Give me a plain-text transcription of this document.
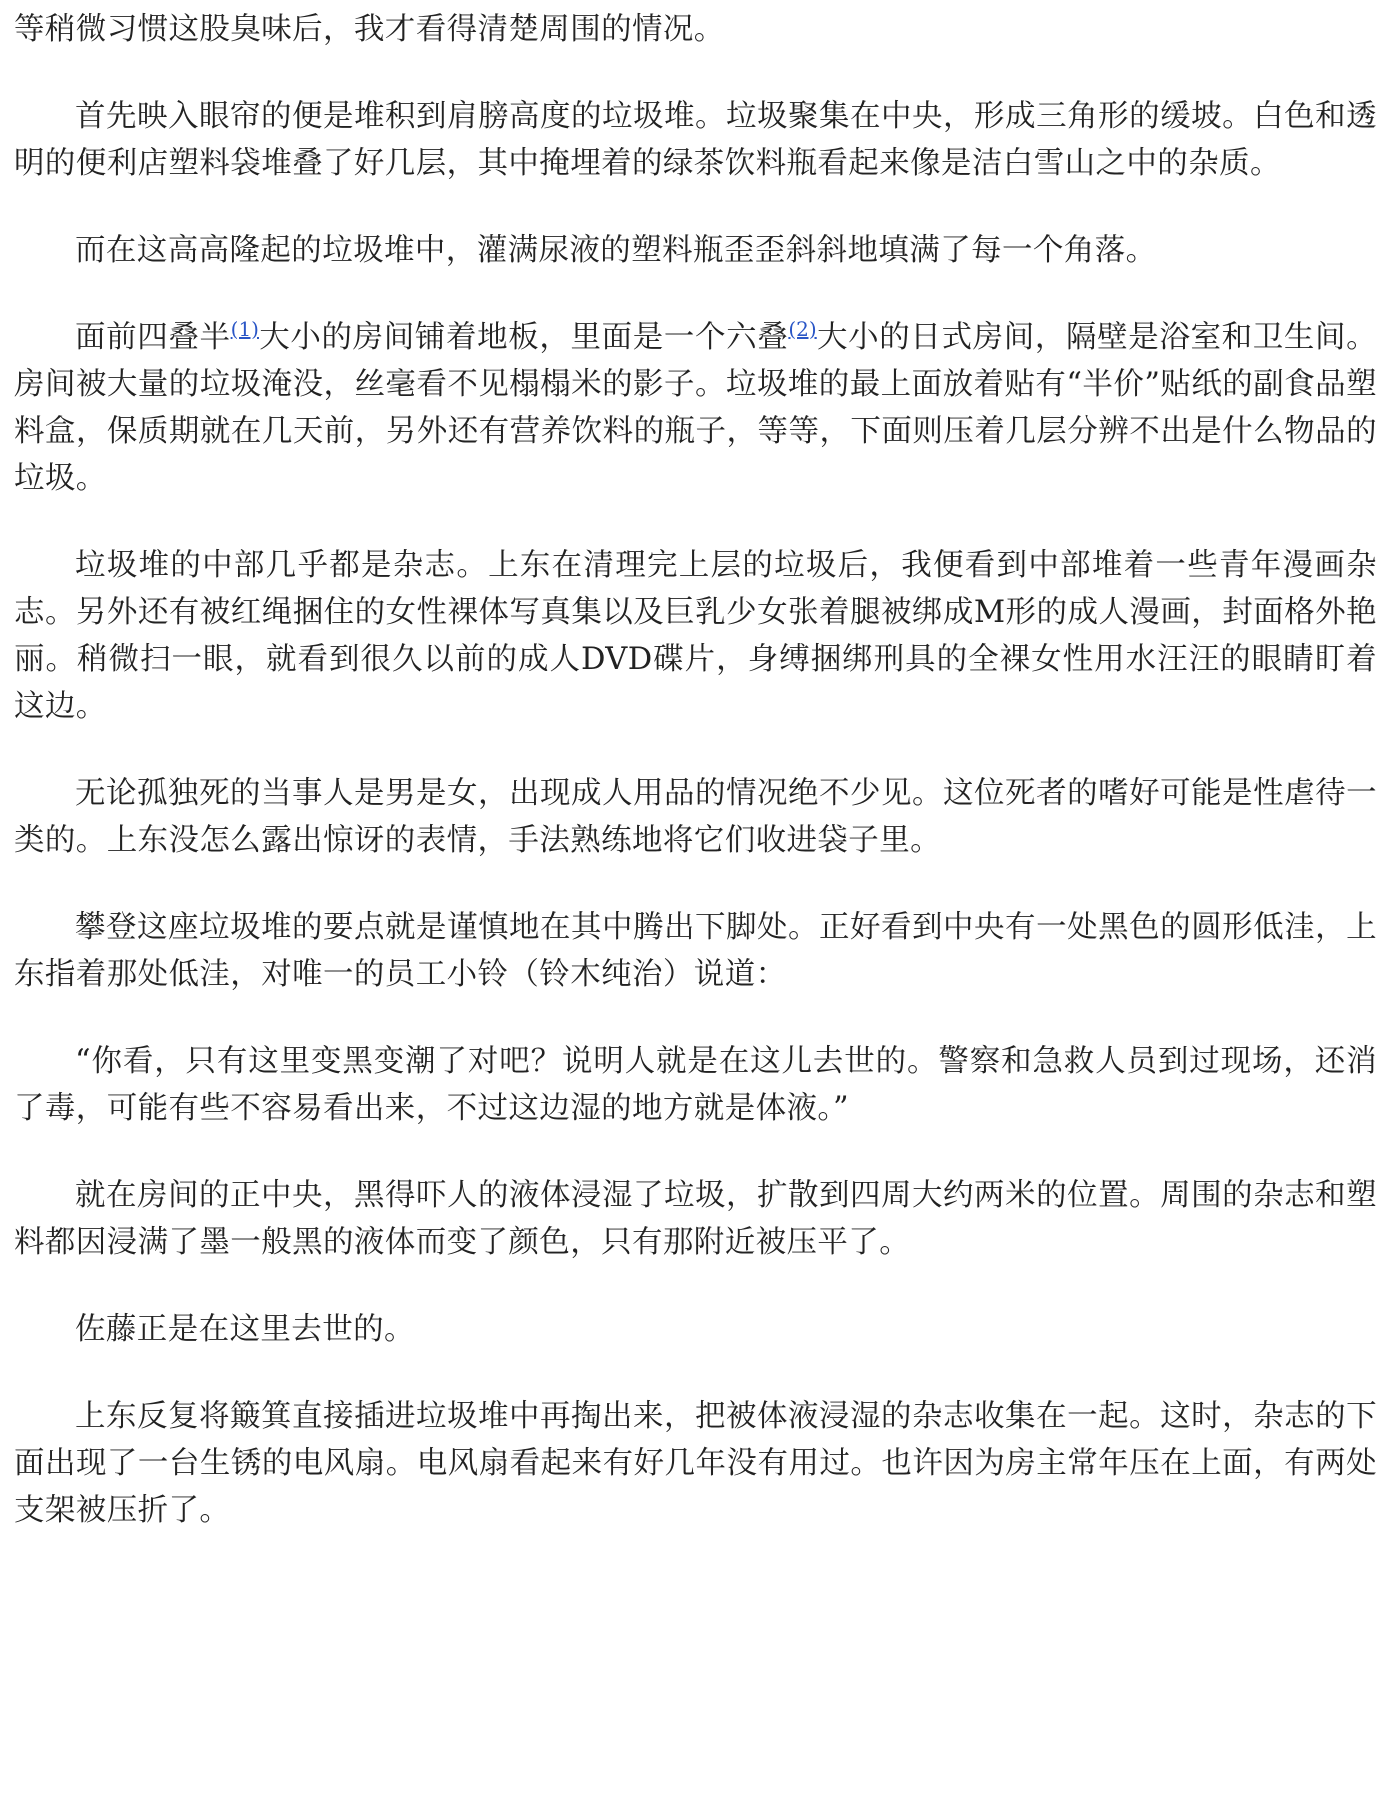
等稍微习惯这股臭味后，我才看得清楚周围的情况。

首先映入眼帘的便是堆积到肩膀高度的垃圾堆。垃圾聚集在中央，形成三角形的缓坡。白色和透明的便利店塑料袋堆叠了好几层，其中掩埋着的绿茶饮料瓶看起来像是洁白雪山之中的杂质。

而在这高高隆起的垃圾堆中，灌满尿液的塑料瓶歪歪斜斜地填满了每一个角落。

面前四叠半$^{(1)}$大小的房间铺着地板，里面是一个六叠$^{(2)}$大小的日式房间，隔壁是浴室和卫生间。房间被大量的垃圾淹没，丝毫看不见榻榻米的影子。垃圾堆的最上面放着贴有“半价”贴纸的副食品塑料盒，保质期就在几天前，另外还有营养饮料的瓶子，等等，下面则压着几层分辨不出是什么物品的垃圾。

垃圾堆的中部几乎都是杂志。上东在清理完上层的垃圾后，我便看到中部堆着一些青年漫画杂志。另外还有被红绳捆住的女性裸体写真集以及巨乳少女张着腿被绑成M形的成人漫画，封面格外艳丽。稍微扫一眼，就看到很久以前的成人DVD碟片，身缚捆绑刑具的全裸女性用水汪汪的眼睛盯着这边。

无论孤独死的当事人是男是女，出现成人用品的情况绝不少见。这位死者的嗜好可能是性虐待一类的。上东没怎么露出惊讶的表情，手法熟练地将它们收进袋子里。

攀登这座垃圾堆的要点就是谨慎地在其中腾出下脚处。正好看到中央有一处黑色的圆形低洼，上东指着那处低洼，对唯一的员工小铃（铃木纯治）说道：

“你看，只有这里变黑变潮了对吧？说明人就是在这儿去世的。警察和急救人员到过现场，还消了毒，可能有些不容易看出来，不过这边湿的地方就是体液。”

就在房间的正中央，黑得吓人的液体浸湿了垃圾，扩散到四周大约两米的位置。周围的杂志和塑料都因浸满了墨一般黑的液体而变了颜色，只有那附近被压平了。

佐藤正是在这里去世的。

上东反复将簸箕直接插进垃圾堆中再掏出来，把被体液浸湿的杂志收集在一起。这时，杂志的下面出现了一台生锈的电风扇。电风扇看起来有好几年没有用过。也许因为房主常年压在上面，有两处支架被压折了。
